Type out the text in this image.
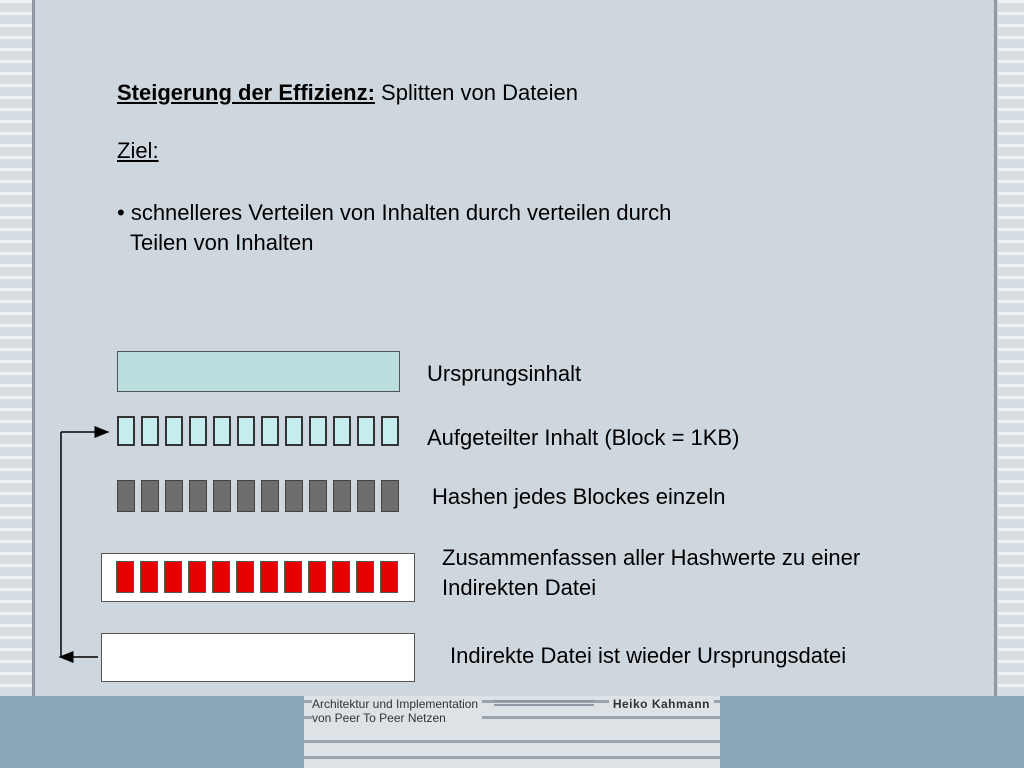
Steigerung der Effizienz: Splitten von Dateien
Ziel:
• schnelleres Verteilen von Inhalten durch verteilen durch
Teilen von Inhalten
Ursprungsinhalt
Aufgeteilter Inhalt (Block = 1KB)
Hashen jedes Blockes einzeln
Zusammenfassen aller Hashwerte zu einer
Indirekten Datei
Indirekte Datei ist wieder Ursprungsdatei
Architektur und Implementation
von Peer To Peer Netzen
Heiko Kahmann
